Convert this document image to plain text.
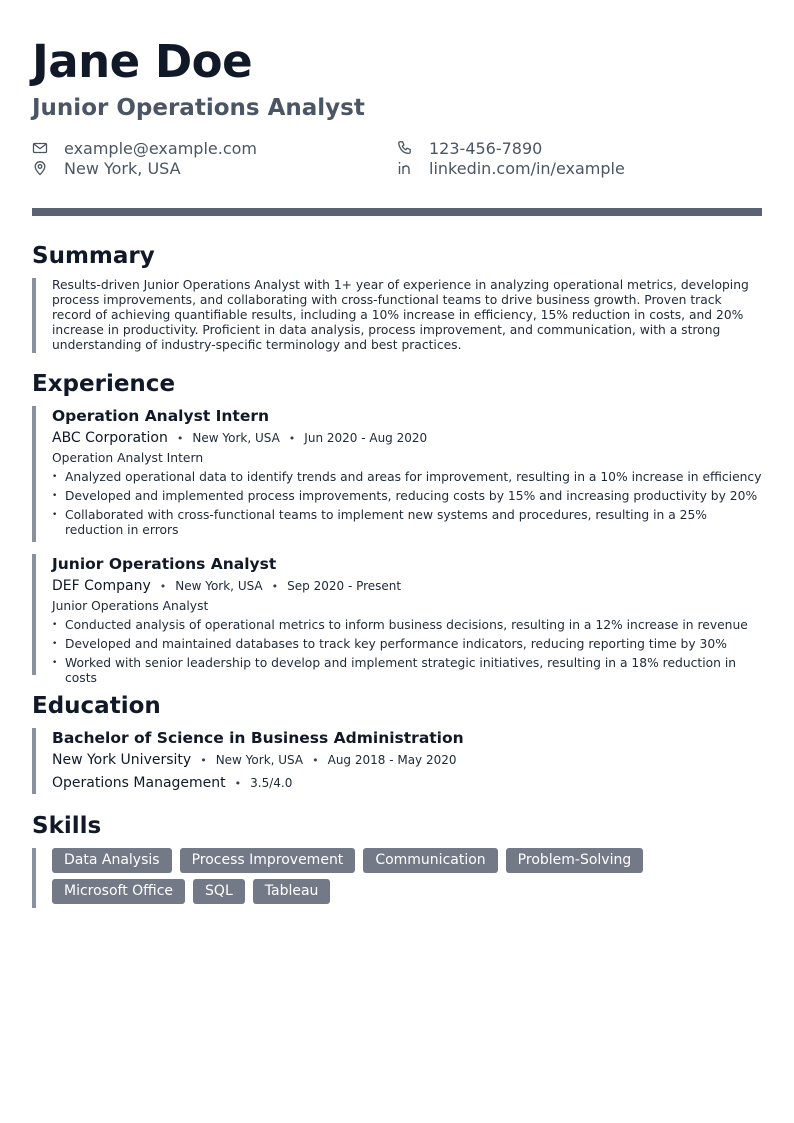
Jane Doe
Junior Operations Analyst
example@example.com	123-456-7890
New York, USA	linkedin.com/in/example
Summary

Results-driven Junior Operations Analyst with 1+ year of experience in analyzing operational metrics, developing process improvements, and collaborating with cross-functional teams to drive business growth. Proven track record of achieving quantifiable results, including a 10% increase in efficiency, 15% reduction in costs, and 20% increase in productivity. Proficient in data analysis, process improvement, and communication, with a strong understanding of industry-specific terminology and best practices.

Experience
Operation Analyst Intern
ABC Corporation • New York, USA • Jun 2020 - Aug 2020
Operation Analyst Intern
• Analyzed operational data to identify trends and areas for improvement, resulting in a 10% increase in efficiency
• Developed and implemented process improvements, reducing costs by 15% and increasing productivity by 20%
• Collaborated with cross-functional teams to implement new systems and procedures, resulting in a 25% reduction in errors
Junior Operations Analyst
DEF Company • New York, USA • Sep 2020 - Present
Junior Operations Analyst
• Conducted analysis of operational metrics to inform business decisions, resulting in a 12% increase in revenue
• Developed and maintained databases to track key performance indicators, reducing reporting time by 30%
• Worked with senior leadership to develop and implement strategic initiatives, resulting in a 18% reduction in costs
Education
Bachelor of Science in Business Administration
New York University • New York, USA • Aug 2018 - May 2020
Operations Management • 3.5/4.0
Skills
Data Analysis	Process Improvement	Communication	Problem-Solving
Microsoft Office	SQL	Tableau
